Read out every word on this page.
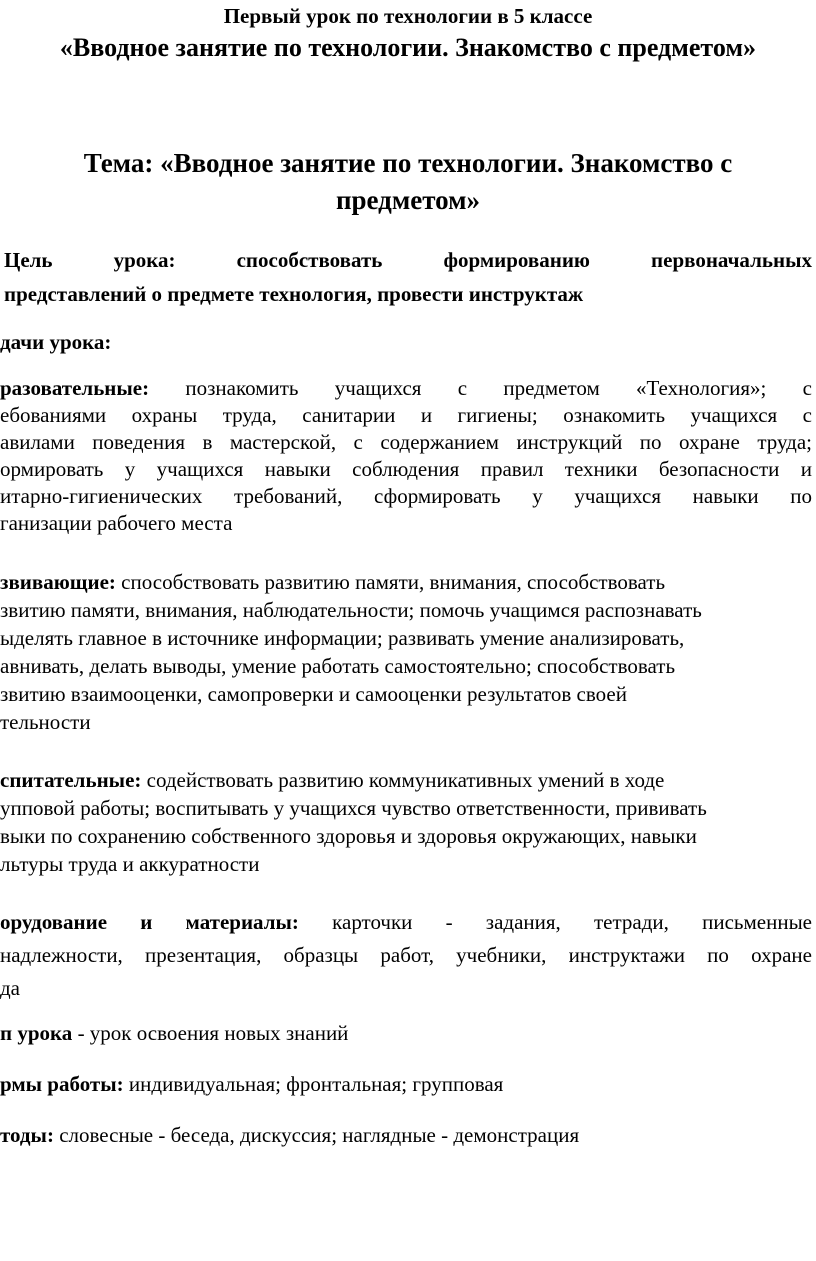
Первый урок по технологии в 5 классе
«Вводное занятие по технологии. Знакомство с предметом»
Тема: «Вводное занятие по технологии. Знакомство с
предметом»
Цель	урока:	способствовать	формированию	первоначальных
представлений о предмете технология, провести инструктаж
дачи урока:
разовательные: познакомить учащихся с предметом «Технология»; с
ебованиями охраны труда, санитарии и гигиены; ознакомить учащихся с
авилами поведения в мастерской, с содержанием инструкций по охране труда;
ормировать у учащихся навыки соблюдения правил техники безопасности и
итарно-гигиенических требований, сформировать у учащихся навыки по
ганизации рабочего места
звивающие: способствовать развитию памяти, внимания, способствовать
звитию памяти, внимания, наблюдательности; помочь учащимся распознавать
ыделять главное в источнике информации; развивать умение анализировать,
авнивать, делать выводы, умение работать самостоятельно; способствовать
звитию взаимооценки, самопроверки и самооценки результатов своей
тельности
спитательные: содействовать развитию коммуникативных умений в ходе
упповой работы; воспитывать у учащихся чувство ответственности, прививать
выки по сохранению собственного здоровья и здоровья окружающих, навыки
льтуры труда и аккуратности
орудование и материалы: карточки - задания, тетради, письменные
надлежности, презентация, образцы работ, учебники, инструктажи по охране
да
п урока - урок освоения новых знаний
рмы работы: индивидуальная; фронтальная; групповая
тоды: словесные - беседа, дискуссия; наглядные - демонстрация
